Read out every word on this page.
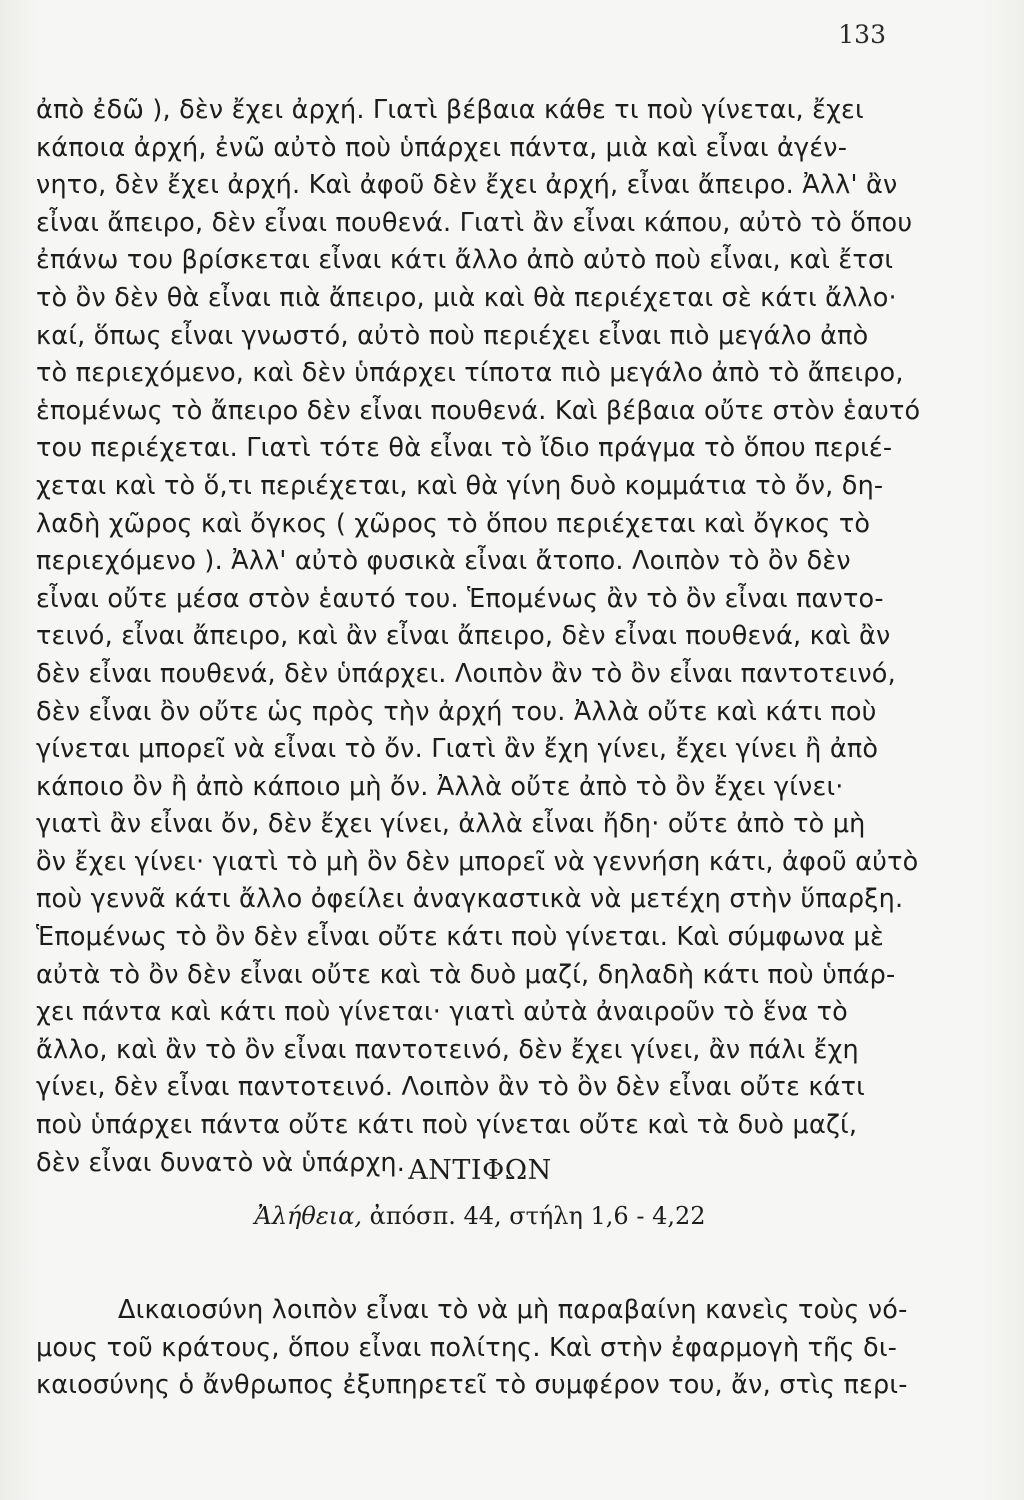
133
ἀπὸ ἐδῶ ), δὲν ἔχει ἀρχή. Γιατὶ βέβαια κάθε τι ποὺ γίνεται, ἔχει
κάποια ἀρχή, ἐνῶ αὐτὸ ποὺ ὑπάρχει πάντα, μιὰ καὶ εἶναι ἀγέν-
νητο, δὲν ἔχει ἀρχή. Καὶ ἀφοῦ δὲν ἔχει ἀρχή, εἶναι ἄπειρο. Ἀλλ' ἂν
εἶναι ἄπειρο, δὲν εἶναι πουθενά. Γιατὶ ἂν εἶναι κάπου, αὐτὸ τὸ ὅπου
ἐπάνω του βρίσκεται εἶναι κάτι ἄλλο ἀπὸ αὐτὸ ποὺ εἶναι, καὶ ἔτσι
τὸ ὂν δὲν θὰ εἶναι πιὰ ἄπειρο, μιὰ καὶ θὰ περιέχεται σὲ κάτι ἄλλο·
καί, ὅπως εἶναι γνωστό, αὐτὸ ποὺ περιέχει εἶναι πιὸ μεγάλο ἀπὸ
τὸ περιεχόμενο, καὶ δὲν ὑπάρχει τίποτα πιὸ μεγάλο ἀπὸ τὸ ἄπειρο,
ἑπομένως τὸ ἄπειρο δὲν εἶναι πουθενά. Καὶ βέβαια οὔτε στὸν ἑαυτό
του περιέχεται. Γιατὶ τότε θὰ εἶναι τὸ ἴδιο πράγμα τὸ ὅπου περιέ-
χεται καὶ τὸ ὅ,τι περιέχεται, καὶ θὰ γίνη δυὸ κομμάτια τὸ ὄν, δη-
λαδὴ χῶρος καὶ ὄγκος ( χῶρος τὸ ὅπου περιέχεται καὶ ὄγκος τὸ
περιεχόμενο ). Ἀλλ' αὐτὸ φυσικὰ εἶναι ἄτοπο. Λοιπὸν τὸ ὂν δὲν
εἶναι οὔτε μέσα στὸν ἑαυτό του. Ἑπομένως ἂν τὸ ὂν εἶναι παντο-
τεινό, εἶναι ἄπειρο, καὶ ἂν εἶναι ἄπειρο, δὲν εἶναι πουθενά, καὶ ἂν
δὲν εἶναι πουθενά, δὲν ὑπάρχει. Λοιπὸν ἂν τὸ ὂν εἶναι παντοτεινό,
δὲν εἶναι ὂν οὔτε ὡς πρὸς τὴν ἀρχή του. Ἀλλὰ οὔτε καὶ κάτι ποὺ
γίνεται μπορεῖ νὰ εἶναι τὸ ὄν. Γιατὶ ἂν ἔχη γίνει, ἔχει γίνει ἢ ἀπὸ
κάποιο ὂν ἢ ἀπὸ κάποιο μὴ ὄν. Ἀλλὰ οὔτε ἀπὸ τὸ ὂν ἔχει γίνει·
γιατὶ ἂν εἶναι ὄν, δὲν ἔχει γίνει, ἀλλὰ εἶναι ἤδη· οὔτε ἀπὸ τὸ μὴ
ὂν ἔχει γίνει· γιατὶ τὸ μὴ ὂν δὲν μπορεῖ νὰ γεννήση κάτι, ἀφοῦ αὐτὸ
ποὺ γεννᾶ κάτι ἄλλο ὀφείλει ἀναγκαστικὰ νὰ μετέχη στὴν ὕπαρξη.
Ἑπομένως τὸ ὂν δὲν εἶναι οὔτε κάτι ποὺ γίνεται. Καὶ σύμφωνα μὲ
αὐτὰ τὸ ὂν δὲν εἶναι οὔτε καὶ τὰ δυὸ μαζί, δηλαδὴ κάτι ποὺ ὑπάρ-
χει πάντα καὶ κάτι ποὺ γίνεται· γιατὶ αὐτὰ ἀναιροῦν τὸ ἕνα τὸ
ἄλλο, καὶ ἂν τὸ ὂν εἶναι παντοτεινό, δὲν ἔχει γίνει, ἂν πάλι ἔχη
γίνει, δὲν εἶναι παντοτεινό. Λοιπὸν ἂν τὸ ὂν δὲν εἶναι οὔτε κάτι
ποὺ ὑπάρχει πάντα οὔτε κάτι ποὺ γίνεται οὔτε καὶ τὰ δυὸ μαζί,
δὲν εἶναι δυνατὸ νὰ ὑπάρχη. ΑΝΤΙΦΩΝ
Ἀλήθεια, ἀπόσπ. 44, στήλη 1,6 - 4,22
Δικαιοσύνη λοιπὸν εἶναι τὸ νὰ μὴ παραβαίνη κανεὶς τοὺς νό-
μους τοῦ κράτους, ὅπου εἶναι πολίτης. Καὶ στὴν ἐφαρμογὴ τῆς δι-
καιοσύνης ὁ ἄνθρωπος ἐξυπηρετεῖ τὸ συμφέρον του, ἄν, στὶς περι-
